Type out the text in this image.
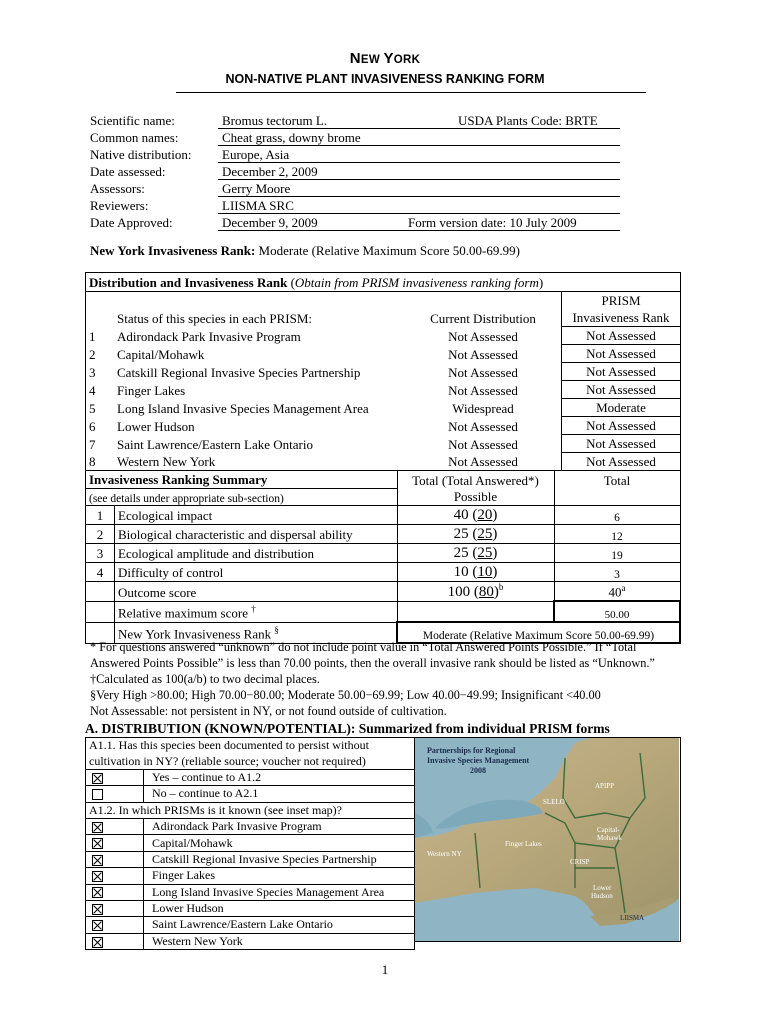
NEW YORK
NON-NATIVE PLANT INVASIVENESS RANKING FORM
Scientific name:	Bromus tectorum L.	USDA Plants Code: BRTE
Common names:	Cheat grass, downy brome
Native distribution: Europe, Asia
Date assessed:	December 2, 2009
Assessors:	Gerry Moore
Reviewers:	LIISMA SRC
Date Approved:	December 9, 2009	Form version date: 10 July 2009
New York Invasiveness Rank: Moderate (Relative Maximum Score 50.00-69.99)
Distribution and Invasiveness Rank (Obtain from PRISM invasiveness ranking form)			
			PRISM
	Status of this species in each PRISM:	Current Distribution	Invasiveness Rank
1	Adirondack Park Invasive Program	Not Assessed	Not Assessed
2	Capital/Mohawk	Not Assessed	Not Assessed
3	Catskill Regional Invasive Species Partnership	Not Assessed	Not Assessed
4	Finger Lakes	Not Assessed	Not Assessed
5	Long Island Invasive Species Management Area	Widespread	Moderate
6	Lower Hudson	Not Assessed	Not Assessed
7	Saint Lawrence/Eastern Lake Ontario	Not Assessed	Not Assessed
8	Western New York	Not Assessed	Not Assessed
Invasiveness Ranking Summary		Total (Total Answered*)	Total
(see details under appropriate sub-section)		Possible	
1	Ecological impact	40 (20)	6
2	Biological characteristic and dispersal ability	25 (25)	12
3	Ecological amplitude and distribution	25 (25)	19
4	Difficulty of control	10 (10)	3
	Outcome score	100 $(80)^b$	40$^a$
	Relative maximum score †		50.00
	New York Invasiveness Rank §	Moderate (Relative Maximum Score 50.00-69.99)	
* For questions answered “unknown” do not include point value in “Total Answered Points Possible.” If “Total
Answered Points Possible” is less than 70.00 points, then the overall invasive rank should be listed as “Unknown.”
†Calculated as 100(a/b) to two decimal places.
§Very High >80.00; High 70.00−80.00; Moderate 50.00−69.99; Low 40.00−49.99; Insignificant <40.00
Not Assessable: not persistent in NY, or not found outside of cultivation.
A. DISTRIBUTION (KNOWN/POTENTIAL): Summarized from individual PRISM forms
A1.1. Has this species been documented to persist without	
cultivation in NY? (reliable source; voucher not required)	
	Yes – continue to A1.2
	No – continue to A2.1
A1.2. In which PRISMs is it known (see inset map)?	
	Adirondack Park Invasive Program
	Capital/Mohawk
	Catskill Regional Invasive Species Partnership
	Finger Lakes
	Long Island Invasive Species Management Area
	Lower Hudson
	Saint Lawrence/Eastern Lake Ontario
	Western New York
Partnerships for Regional
Invasive Species Management
2008
APIPP
SLELO
Capital-
Mohawk
Finger Lakes
Western NY
CRISP
Lower
Hudson
LIISMA
1
